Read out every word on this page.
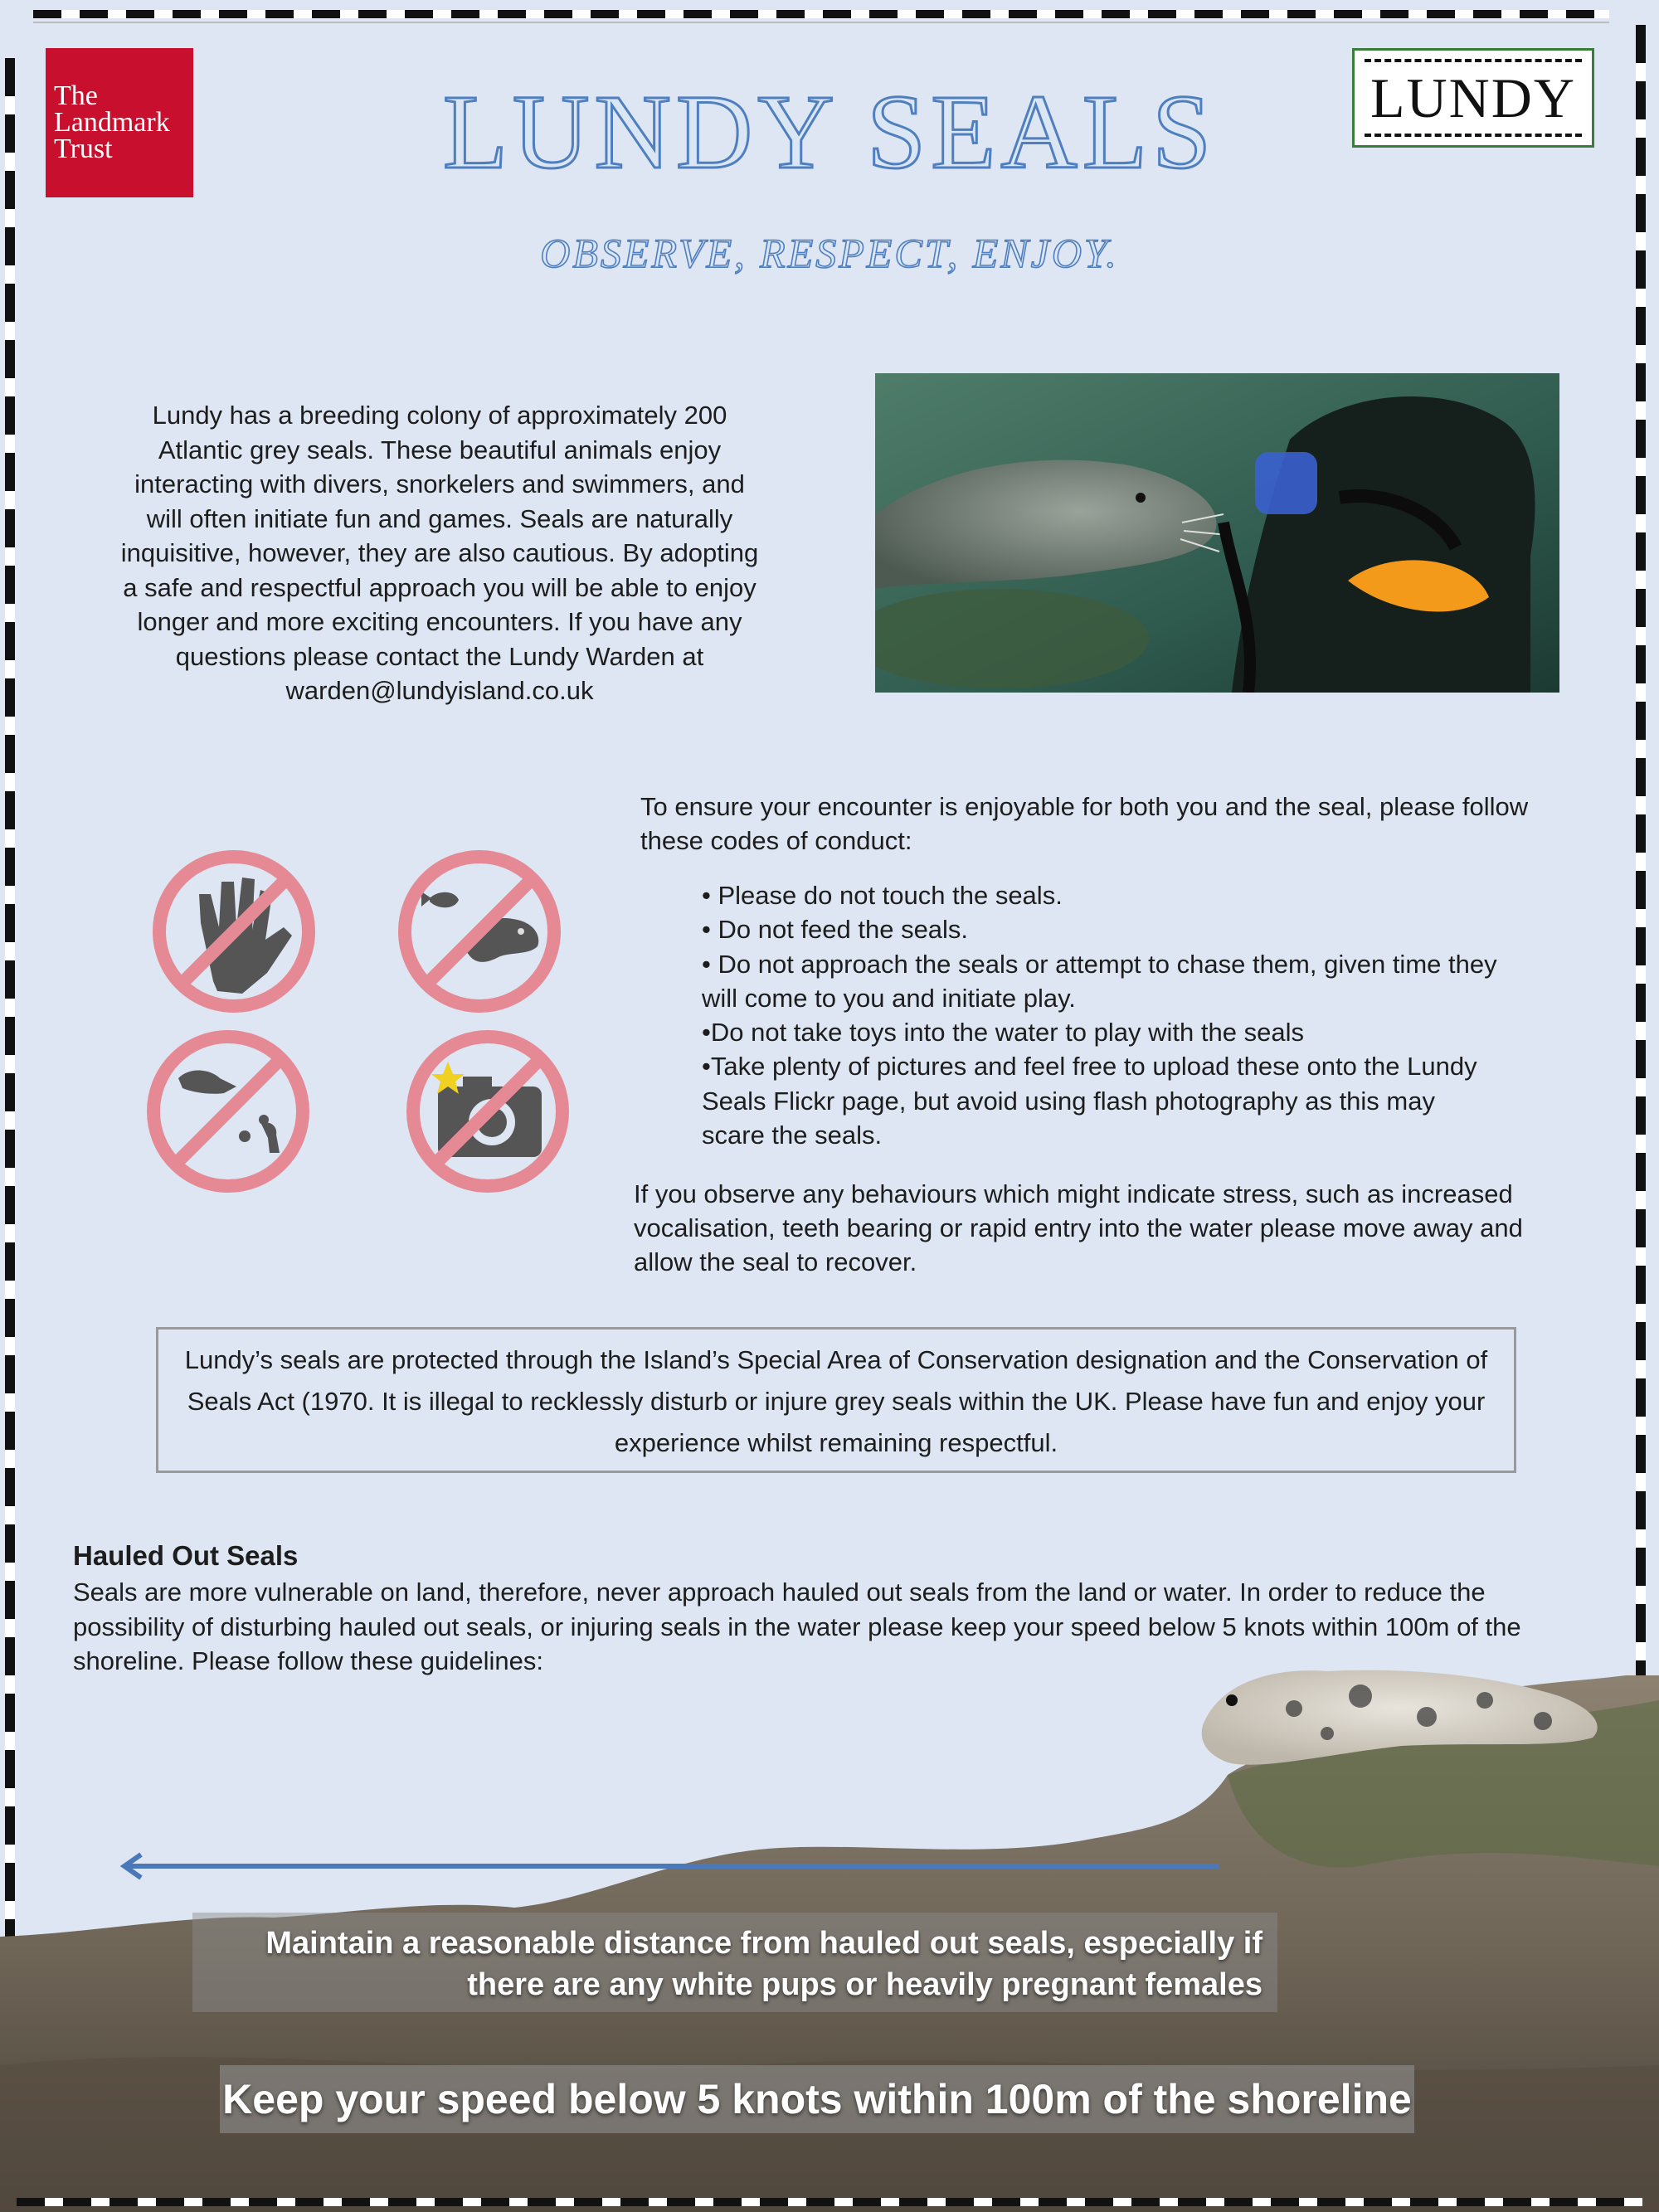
The
Landmark
Trust
LUNDY
LUNDY SEALS
OBSERVE, RESPECT, ENJOY.
Lundy has a breeding colony of approximately 200 Atlantic grey seals. These beautiful animals enjoy interacting with divers, snorkelers and swimmers, and will often initiate fun and games. Seals are naturally inquisitive, however, they are also cautious. By adopting a safe and respectful approach you will be able to enjoy longer and more exciting encounters. If you have any questions please contact the Lundy Warden at warden@lundyisland.co.uk
To ensure your encounter is enjoyable for both you and the seal, please follow these codes of conduct:
• Please do not touch the seals.
• Do not feed the seals.
• Do not approach the seals or attempt to chase them, given time they will come to you and initiate play.
•Do not take toys into the water to play with the seals
•Take plenty of pictures and feel free to upload these onto the Lundy Seals Flickr page, but avoid using flash photography as this may scare the seals.
If you observe any behaviours which might indicate stress, such as increased vocalisation, teeth bearing or rapid entry into the water please move away and allow the seal to recover.
Lundy’s seals are protected through the Island’s Special Area of Conservation designation and the Conservation of Seals Act (1970. It is illegal to recklessly disturb or injure grey seals within the UK. Please have fun and enjoy your experience whilst remaining respectful.
Hauled Out Seals
Seals are more vulnerable on land, therefore, never approach hauled out seals from the land or water. In order to reduce the possibility of disturbing hauled out seals, or injuring seals in the water please keep your speed below 5 knots within 100m of the shoreline. Please follow these guidelines:
Maintain a reasonable distance from hauled out seals, especially if there are any white pups or heavily pregnant females
Keep your speed below 5 knots within 100m of the shoreline
